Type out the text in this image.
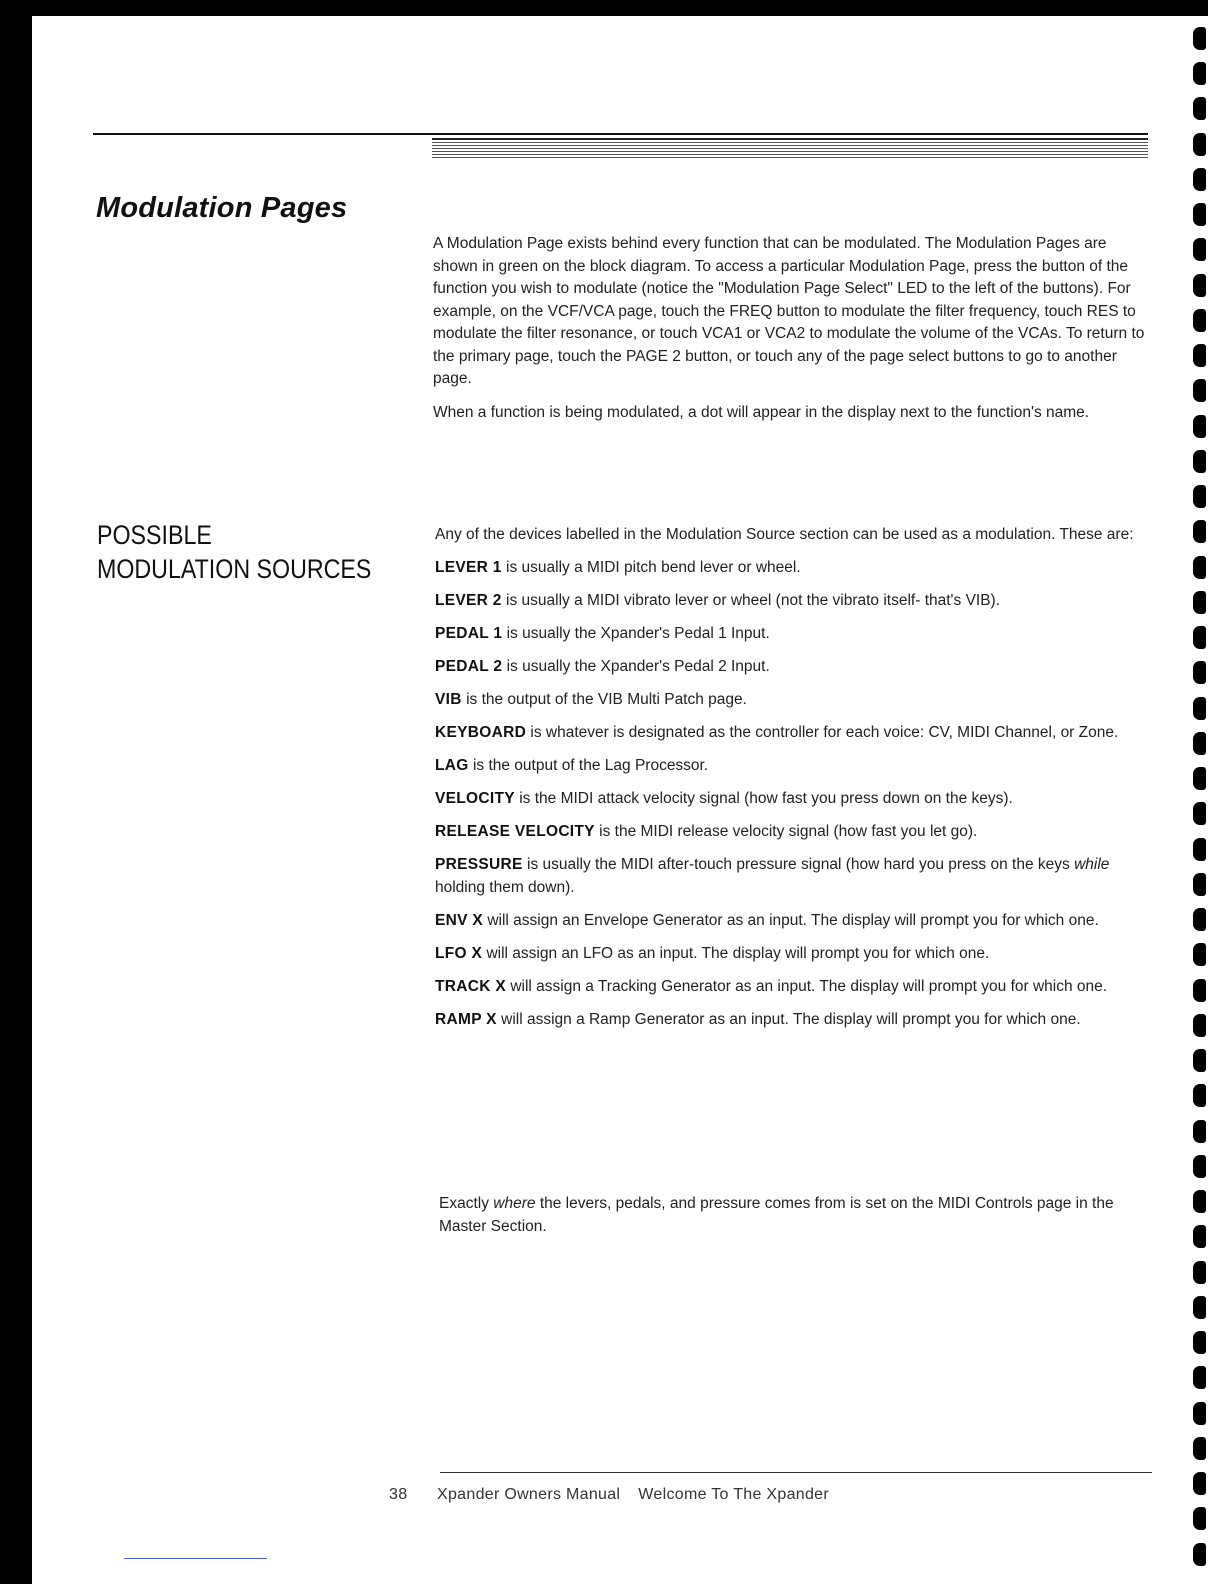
Modulation Pages

A Modulation Page exists behind every function that can be modulated. The Modulation Pages are shown in green on the block diagram. To access a particular Modulation Page, press the button of the function you wish to modulate (notice the "Modulation Page Select" LED to the left of the buttons). For example, on the VCF/VCA page, touch the FREQ button to modulate the filter frequency, touch RES to modulate the filter resonance, or touch VCA1 or VCA2 to modulate the volume of the VCAs. To return to the primary page, touch the PAGE 2 button, or touch any of the page select buttons to go to another page.

When a function is being modulated, a dot will appear in the display next to the function's name.

POSSIBLE
MODULATION SOURCES

Any of the devices labelled in the Modulation Source section can be used as a modulation. These are:

LEVER 1 is usually a MIDI pitch bend lever or wheel.

LEVER 2 is usually a MIDI vibrato lever or wheel (not the vibrato itself- that's VIB).

PEDAL 1 is usually the Xpander's Pedal 1 Input.

PEDAL 2 is usually the Xpander's Pedal 2 Input.

VIB is the output of the VIB Multi Patch page.

KEYBOARD is whatever is designated as the controller for each voice: CV, MIDI Channel, or Zone.

LAG is the output of the Lag Processor.

VELOCITY is the MIDI attack velocity signal (how fast you press down on the keys).

RELEASE VELOCITY is the MIDI release velocity signal (how fast you let go).

PRESSURE is usually the MIDI after-touch pressure signal (how hard you press on the keys while holding them down).

ENV X will assign an Envelope Generator as an input. The display will prompt you for which one.

LFO X will assign an LFO as an input. The display will prompt you for which one.

TRACK X will assign a Tracking Generator as an input. The display will prompt you for which one.

RAMP X will assign a Ramp Generator as an input. The display will prompt you for which one.

Exactly where the levers, pedals, and pressure comes from is set on the MIDI Controls page in the Master Section.

38 Xpander Owners Manual Welcome To The Xpander
